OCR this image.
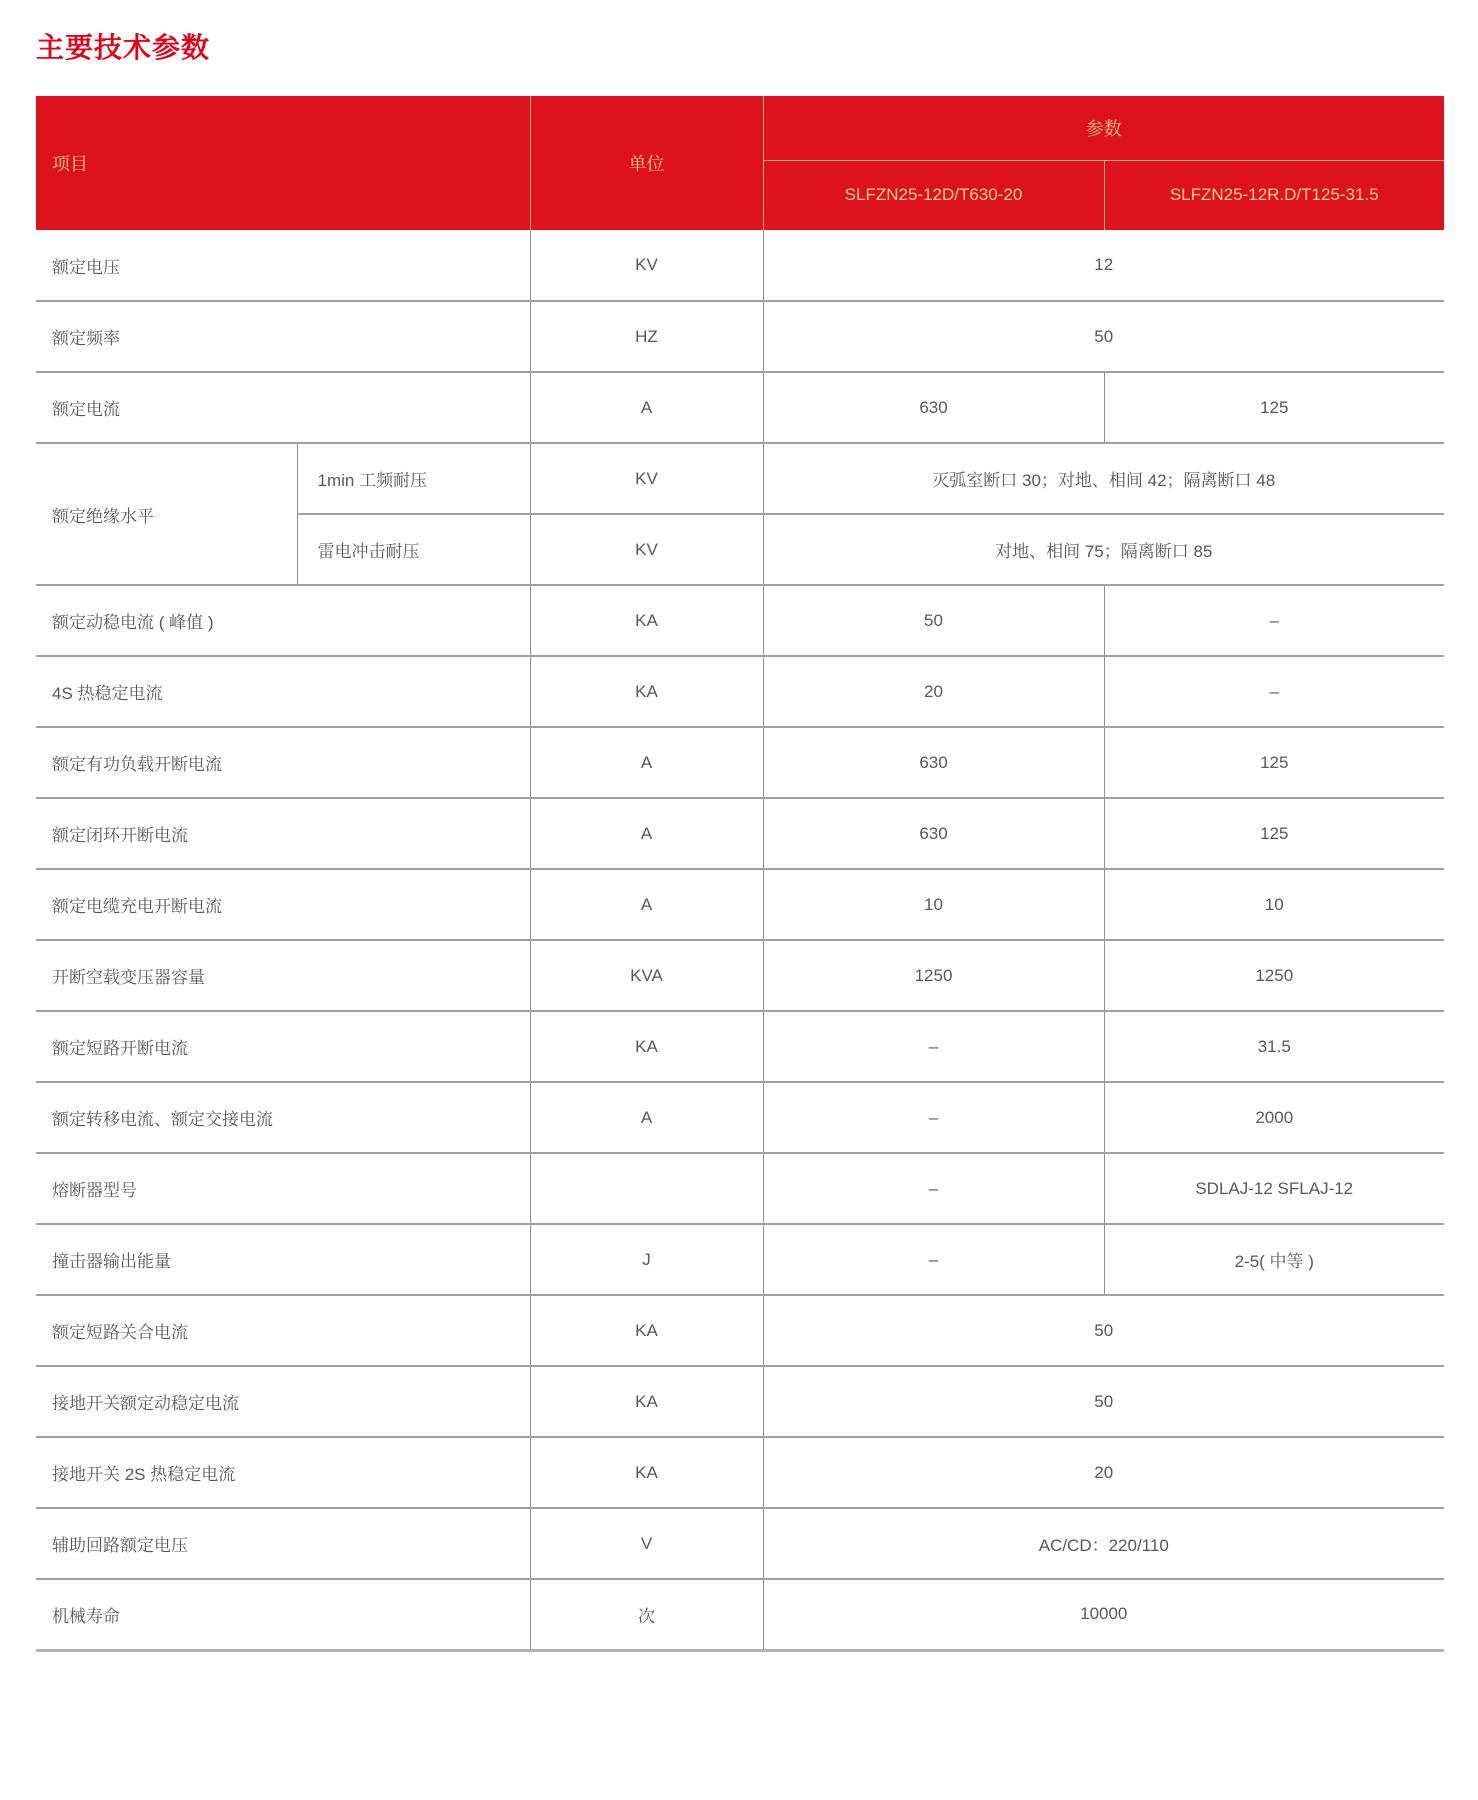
主要技术参数
项目		单位	参数	
			SLFZN25-12D/T630-20	SLFZN25-12R.D/T125-31.5
额定电压		KV	12	
额定频率		HZ	50	
额定电流		A	630	125
额定绝缘水平	1min 工频耐压	KV	灭弧室断口 30；对地、相间 42；隔离断口 48	
	雷电冲击耐压	KV	对地、相间 75；隔离断口 85	
额定动稳电流 ( 峰值 )		KA	50	–
4S 热稳定电流		KA	20	–
额定有功负载开断电流		A	630	125
额定闭环开断电流		A	630	125
额定电缆充电开断电流		A	10	10
开断空载变压器容量		KVA	1250	1250
额定短路开断电流		KA	–	31.5
额定转移电流、额定交接电流		A	–	2000
熔断器型号			–	SDLAJ-12 SFLAJ-12
撞击器输出能量		J	–	2-5( 中等 )
额定短路关合电流		KA	50	
接地开关额定动稳定电流		KA	50	
接地开关 2S 热稳定电流		KA	20	
辅助回路额定电压		V	AC/CD：220/110	
机械寿命		次	10000	
